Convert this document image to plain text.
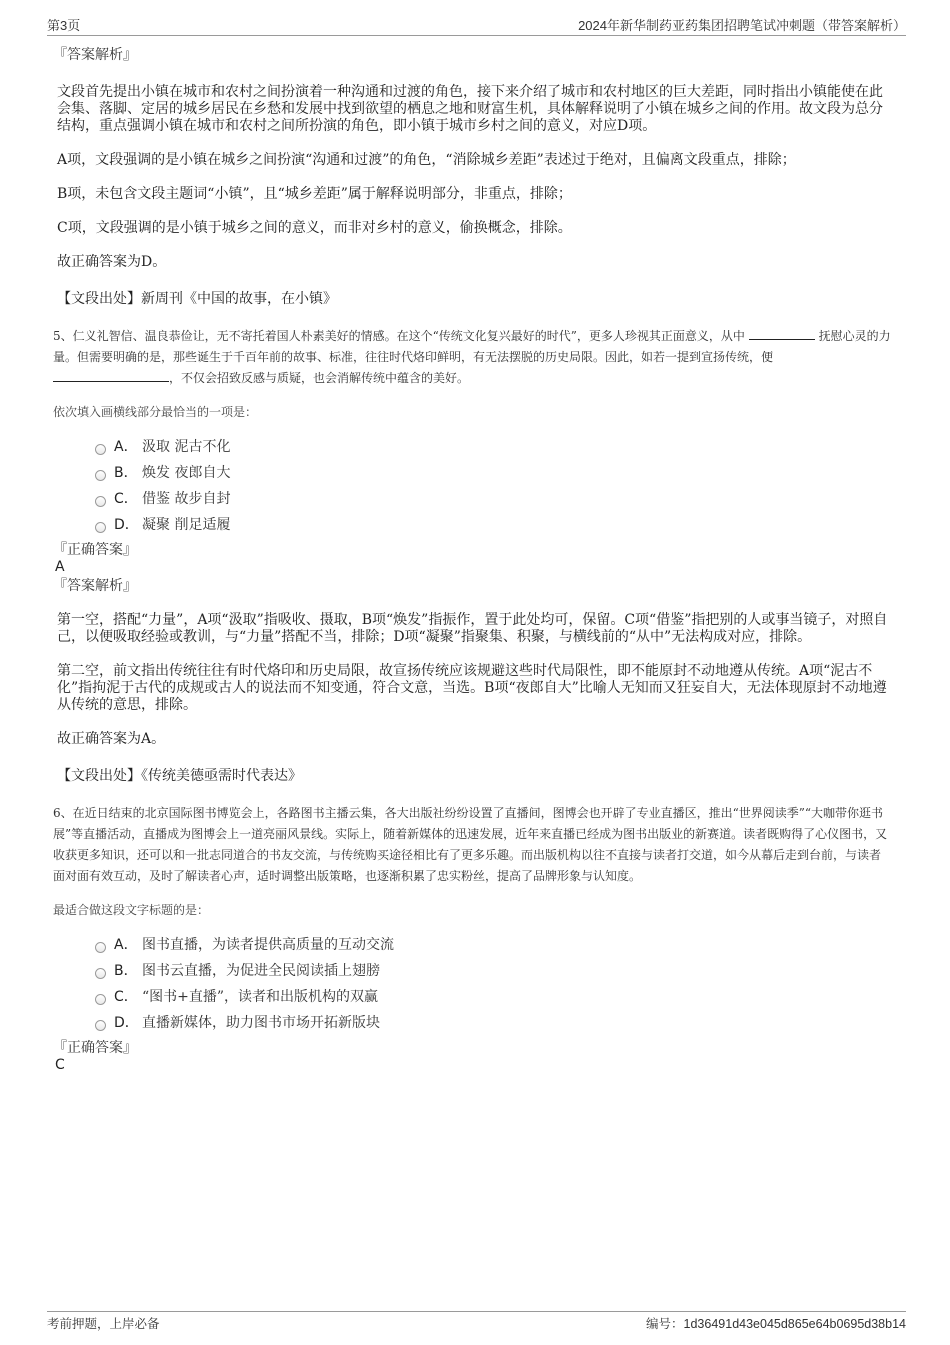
第3页	2024年新华制药亚药集团招聘笔试冲刺题（带答案解析）
『答案解析』

文段首先提出小镇在城市和农村之间扮演着一种沟通和过渡的角色，接下来介绍了城市和农村地区的巨大差距，同时指出小镇能使在此会集、落脚、定居的城乡居民在乡愁和发展中找到欲望的栖息之地和财富生机，具体解释说明了小镇在城乡之间的作用。故文段为总分结构，重点强调小镇在城市和农村之间所扮演的角色，即小镇于城市乡村之间的意义，对应D项。

A项，文段强调的是小镇在城乡之间扮演“沟通和过渡”的角色，“消除城乡差距”表述过于绝对，且偏离文段重点，排除；

B项，未包含文段主题词“小镇”，且“城乡差距”属于解释说明部分，非重点，排除；

C项，文段强调的是小镇于城乡之间的意义，而非对乡村的意义，偷换概念，排除。

故正确答案为D。

【文段出处】新周刊《中国的故事，在小镇》

5、仁义礼智信、温良恭俭让，无不寄托着国人朴素美好的情感。在这个“传统文化复兴最好的时代”，更多人珍视其正面意义，从中	抚慰心灵的力量。但需要明确的是，那些诞生于千百年前的故事、标准，往往时代烙印鲜明，有无法摆脱的历史局限。因此，如若一提到宣扬传统，便 ，不仅会招致反感与质疑，也会消解传统中蕴含的美好。

依次填入画横线部分最恰当的一项是：
A． 汲取 泥古不化
B． 焕发 夜郎自大
C． 借鉴 故步自封
D． 凝聚 削足适履
『正确答案』
A
『答案解析』

第一空，搭配“力量”，A项“汲取”指吸收、摄取，B项“焕发”指振作，置于此处均可，保留。C项“借鉴”指把别的人或事当镜子，对照自己，以便吸取经验或教训，与“力量”搭配不当，排除；D项“凝聚”指聚集、积聚，与横线前的“从中”无法构成对应，排除。

第二空，前文指出传统往往有时代烙印和历史局限，故宣扬传统应该规避这些时代局限性，即不能原封不动地遵从传统。A项“泥古不化”指拘泥于古代的成规或古人的说法而不知变通，符合文意，当选。B项“夜郎自大”比喻人无知而又狂妄自大，无法体现原封不动地遵从传统的意思，排除。

故正确答案为A。

【文段出处】《传统美德亟需时代表达》

6、在近日结束的北京国际图书博览会上，各路图书主播云集，各大出版社纷纷设置了直播间，图博会也开辟了专业直播区，推出“世界阅读季”“大咖带你逛书展”等直播活动，直播成为图博会上一道亮丽风景线。实际上，随着新媒体的迅速发展，近年来直播已经成为图书出版业的新赛道。读者既购得了心仪图书，又收获更多知识，还可以和一批志同道合的书友交流，与传统购买途径相比有了更多乐趣。而出版机构以往不直接与读者打交道，如今从幕后走到台前，与读者面对面有效互动，及时了解读者心声，适时调整出版策略，也逐渐积累了忠实粉丝，提高了品牌形象与认知度。

最适合做这段文字标题的是：
A． 图书直播，为读者提供高质量的互动交流
B． 图书云直播，为促进全民阅读插上翅膀
C． “图书+直播”，读者和出版机构的双赢
D． 直播新媒体，助力图书市场开拓新版块
『正确答案』
C
考前押题，上岸必备	编号：1d36491d43e045d865e64b0695d38b14
